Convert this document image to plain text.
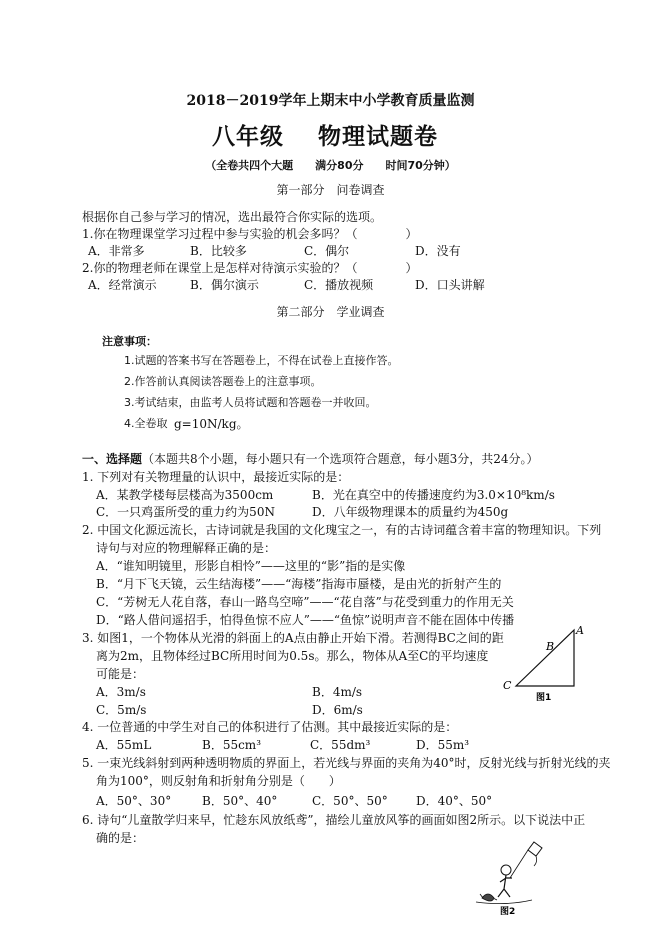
2018－2019学年上期末中小学教育质量监测
八年级 物理试题卷
（全卷共四个大题　　满分80分　　时间70分钟）
第一部分　问卷调查
根据你自己参与学习的情况，选出最符合你实际的选项。
1.你在物理课堂学习过程中参与实验的机会多吗？（　　　　）
A．非常多	B．比较多	C．偶尔	D．没有
2.你的物理老师在课堂上是怎样对待演示实验的？（　　　　）
A．经常演示	B．偶尔演示	C．播放视频	D．口头讲解
第二部分　学业调查
注意事项：
1.试题的答案书写在答题卷上，不得在试卷上直接作答。
2.作答前认真阅读答题卷上的注意事项。
3.考试结束，由监考人员将试题和答题卷一并收回。
4.全卷取 g=10N/kg。
一、选择题（本题共8个小题，每小题只有一个选项符合题意，每小题3分，共24分。）
1. 下列对有关物理量的认识中，最接近实际的是：
A．某教学楼每层楼高为3500cm	B．光在真空中的传播速度约为3.0×10⁸km/s
C．一只鸡蛋所受的重力约为50N	D．八年级物理课本的质量约为450g
2. 中国文化源远流长，古诗词就是我国的文化瑰宝之一，有的古诗词蕴含着丰富的物理知识。下列
诗句与对应的物理解释正确的是：
A．“谁知明镜里，形影自相怜”——这里的“影”指的是实像
B．“月下飞天镜，云生结海楼”——“海楼”指海市蜃楼，是由光的折射产生的
C．“芳树无人花自落，春山一路鸟空啼”——“花自落”与花受到重力的作用无关
D．“路人借问遥招手，怕得鱼惊不应人”——“鱼惊”说明声音不能在固体中传播
3. 如图1，一个物体从光滑的斜面上的A点由静止开始下滑。若测得BC之间的距
离为2m，且物体经过BC所用时间为0.5s。那么，物体从A至C的平均速度
可能是：
A．3m/s	B．4m/s
C．5m/s	D．6m/s
A
B
C
图1
4. 一位普通的中学生对自己的体积进行了估测。其中最接近实际的是：
A．55mL	B．55cm³	C．55dm³	D．55m³
5. 一束光线斜射到两种透明物质的界面上，若光线与界面的夹角为40°时，反射光线与折射光线的夹
角为100°，则反射角和折射角分别是（　　）
A．50°、30°	B．50°、40°	C．50°、50° D．40°、50°
6. 诗句“儿童散学归来早，忙趁东风放纸鸢”，描绘儿童放风筝的画面如图2所示。以下说法中正
确的是：
图2
